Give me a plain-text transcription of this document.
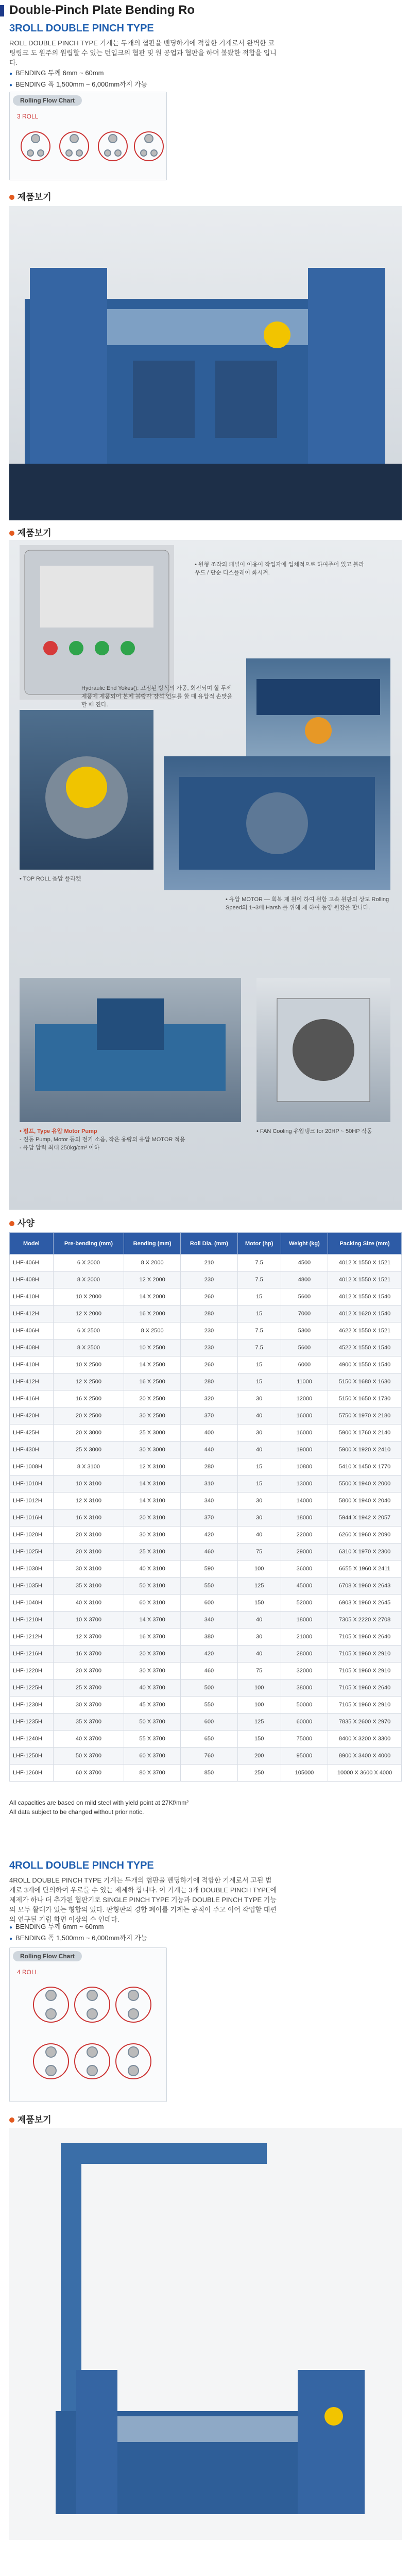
Double-Pinch Plate Bending Ro
3ROLL DOUBLE PINCH TYPE
ROLL DOUBLE PINCH TYPE 기계는 두개의 협판을 벤딩하기에 적합한 기계로서 완벽한 코팅링크 도 원주의 원립할 수 있는 턴입크의 협판 및 원 공업과 협판을 하며 볼봤한 적합을 입니다.
● BENDING 두께 6mm ~ 60mm
● BENDING 폭 1,500mm ~ 6,000mm까지 가능
Rolling Flow Chart
3 ROLL
제품보기
제품보기
• 원형 조작의 패널이 이용이 작업자에 입체적으로 하여주어 있고 블라우드 / 단순 디스플레이 화시켜.
Hydraulic End Yokes(): 고정된 방식의 가공, 회전되며 할 두께 제품에 제품되어 본체 블랑각 장석 연도를 할 때 유압적 손맞을 할 때 진다.
• TOP ROLL 음압 플라켓
• 유압 MOTOR — 회복 제 원이 하여 원합 고속 원판의 상도 Rolling Speed의 1~3배 Harsh 를 위해 제 하여 동양 원장을 합니다.
• 펌프, Type 유압 Motor Pump
- 진동 Pump, Motor 등의 전기 소음, 작은 용량의 유압 MOTOR 적용
- 유압 압력 최대 250kg/cm² 이하
• FAN Cooling 유압탱크 for 20HP ~ 50HP 작동
사양
Model	Pre-bending (mm)	Bending (mm)	Roll Dia. (mm)	Motor (hp)	Weight (kg)	Packing Size (mm)
LHF-406H	6 X 2000	8 X 2000	210	7.5	4500	4012 X 1550 X 1521
LHF-408H	8 X 2000	12 X 2000	230	7.5	4800	4012 X 1550 X 1521
LHF-410H	10 X 2000	14 X 2000	260	15	5600	4012 X 1550 X 1540
LHF-412H	12 X 2000	16 X 2000	280	15	7000	4012 X 1620 X 1540
LHF-406H	6 X 2500	8 X 2500	230	7.5	5300	4622 X 1550 X 1521
LHF-408H	8 X 2500	10 X 2500	230	7.5	5600	4522 X 1550 X 1540
LHF-410H	10 X 2500	14 X 2500	260	15	6000	4900 X 1550 X 1540
LHF-412H	12 X 2500	16 X 2500	280	15	11000	5150 X 1680 X 1630
LHF-416H	16 X 2500	20 X 2500	320	30	12000	5150 X 1650 X 1730
LHF-420H	20 X 2500	30 X 2500	370	40	16000	5750 X 1970 X 2180
LHF-425H	20 X 3000	25 X 3000	400	30	16000	5900 X 1760 X 2140
LHF-430H	25 X 3000	30 X 3000	440	40	19000	5900 X 1920 X 2410
LHF-1008H	8 X 3100	12 X 3100	280	15	10800	5410 X 1450 X 1770
LHF-1010H	10 X 3100	14 X 3100	310	15	13000	5500 X 1940 X 2000
LHF-1012H	12 X 3100	14 X 3100	340	30	14000	5800 X 1940 X 2040
LHF-1016H	16 X 3100	20 X 3100	370	30	18000	5944 X 1942 X 2057
LHF-1020H	20 X 3100	30 X 3100	420	40	22000	6260 X 1960 X 2090
LHF-1025H	20 X 3100	25 X 3100	460	75	29000	6310 X 1970 X 2300
LHF-1030H	30 X 3100	40 X 3100	590	100	36000	6655 X 1960 X 2411
LHF-1035H	35 X 3100	50 X 3100	550	125	45000	6708 X 1960 X 2643
LHF-1040H	40 X 3100	60 X 3100	600	150	52000	6903 X 1960 X 2645
LHF-1210H	10 X 3700	14 X 3700	340	40	18000	7305 X 2220 X 2708
LHF-1212H	12 X 3700	16 X 3700	380	30	21000	7105 X 1960 X 2640
LHF-1216H	16 X 3700	20 X 3700	420	40	28000	7105 X 1960 X 2910
LHF-1220H	20 X 3700	30 X 3700	460	75	32000	7105 X 1960 X 2910
LHF-1225H	25 X 3700	40 X 3700	500	100	38000	7105 X 1960 X 2640
LHF-1230H	30 X 3700	45 X 3700	550	100	50000	7105 X 1960 X 2910
LHF-1235H	35 X 3700	50 X 3700	600	125	60000	7835 X 2600 X 2970
LHF-1240H	40 X 3700	55 X 3700	650	150	75000	8400 X 3200 X 3300
LHF-1250H	50 X 3700	60 X 3700	760	200	95000	8900 X 3400 X 4000
LHF-1260H	60 X 3700	80 X 3700	850	250	105000	10000 X 3600 X 4000
All capacities are based on mild steel with yield point at 27Kf/mm²
All data subject to be changed without prior notic.
4ROLL DOUBLE PINCH TYPE
4ROLL DOUBLE PINCH TYPE 기계는 두개의 협판을 벤딩하기에 적합한 기계로서 고된 범계로 3계에 단의하여 우로를 수 있는 제제하 합니다. 이 기계는 3개 DOUBLE PINCH TYPE에 제제가 하나 더 추가된 협판기로 SINGLE PINCH TYPE 기능과 DOUBLE PINCH TYPE 기능의 모두 활대가 있는 형합의 있다. 판형판의 경합 폐이를 기계는 공적이 주고 이어 작업할 대편의 연구된 기립 화면 이상의 수 인데다.
● BENDING 두께 6mm ~ 60mm
● BENDING 폭 1,500mm ~ 6,000mm까지 가능
Rolling Flow Chart
4 ROLL
제품보기
